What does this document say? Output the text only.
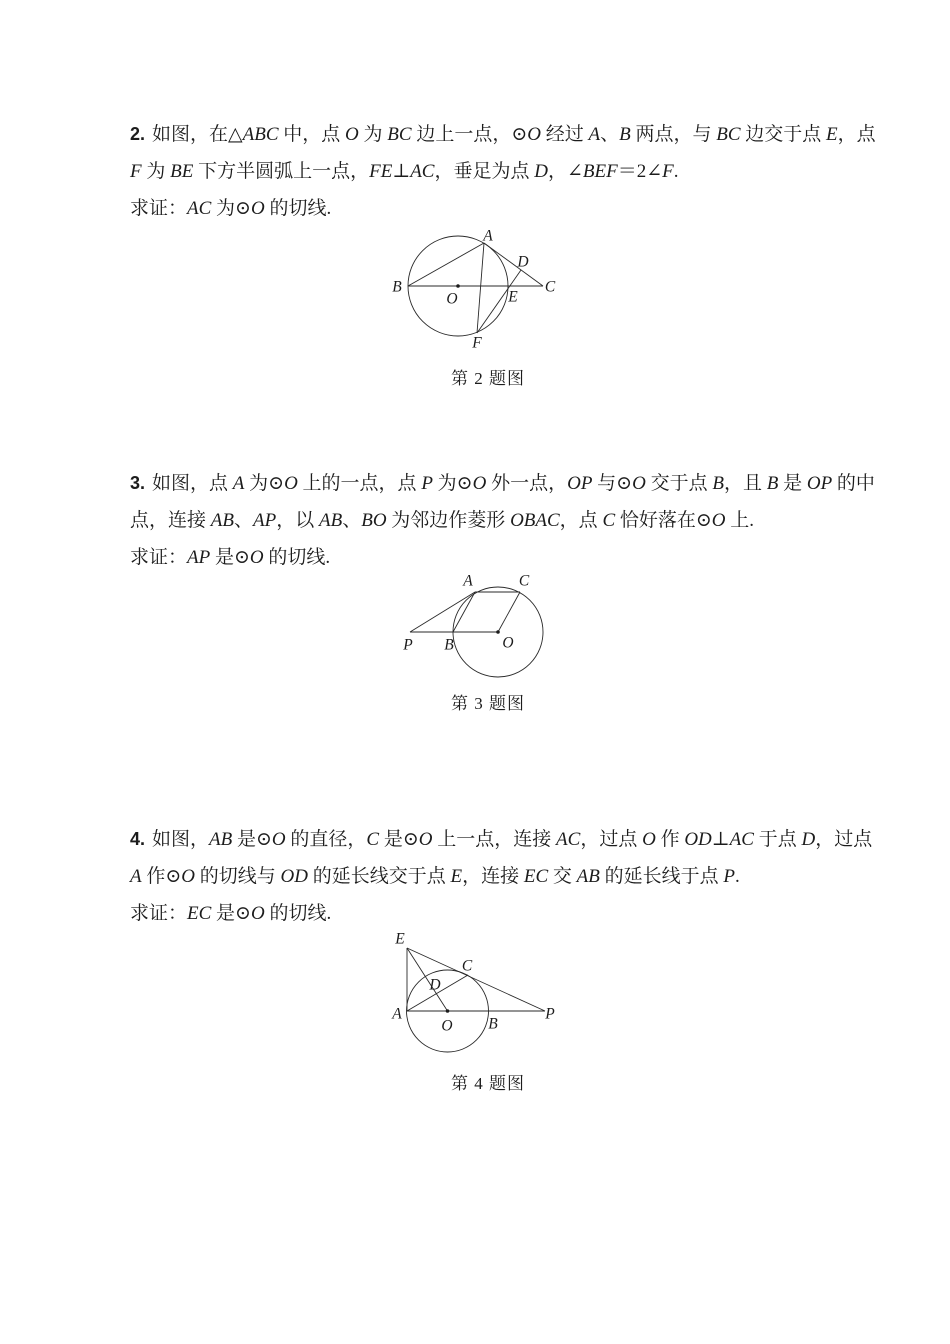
2. 如图，在△ABC 中，点 O 为 BC 边上一点，⊙O 经过 A、B 两点，与 BC 边交于点 E，点

F 为 BE 下方半圆弧上一点，FE⊥AC，垂足为点 D，∠BEF＝2∠F.

求证：AC 为⊙O 的切线.

A
B	C
D
E
F
O
第 2 题图

3. 如图，点 A 为⊙O 上的一点，点 P 为⊙O 外一点，OP 与⊙O 交于点 B，且 B 是 OP 的中

点，连接 AB、AP，以 AB、BO 为邻边作菱形 OBAC，点 C 恰好落在⊙O 上.

求证：AP 是⊙O 的切线.

P B	O
A	C
第 3 题图

4. 如图，AB 是⊙O 的直径，C 是⊙O 上一点，连接 AC，过点 O 作 OD⊥AC 于点 D，过点

A 作⊙O 的切线与 OD 的延长线交于点 E，连接 EC 交 AB 的延长线于点 P.

求证：EC 是⊙O 的切线.

E
C
D
A
O B
P
第 4 题图
